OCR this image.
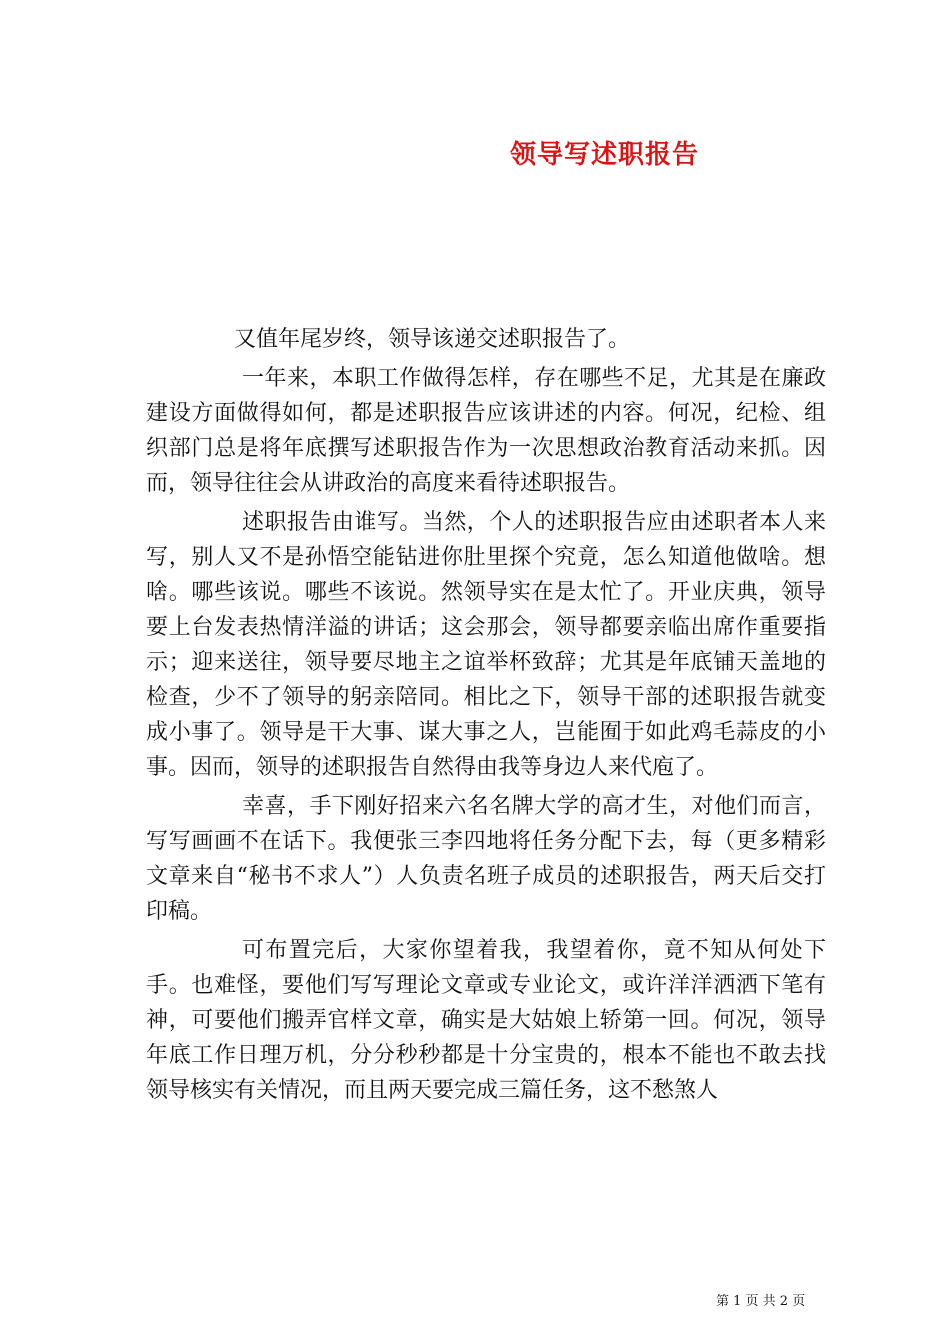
领导写述职报告

又值年尾岁终，领导该递交述职报告了。

一年来，本职工作做得怎样，存在哪些不足，尤其是在廉政建设方面做得如何，都是述职报告应该讲述的内容。何况，纪检、组织部门总是将年底撰写述职报告作为一次思想政治教育活动来抓。因而，领导往往会从讲政治的高度来看待述职报告。

述职报告由谁写。当然，个人的述职报告应由述职者本人来写，别人又不是孙悟空能钻进你肚里探个究竟，怎么知道他做啥。想啥。哪些该说。哪些不该说。然领导实在是太忙了。开业庆典，领导要上台发表热情洋溢的讲话；这会那会，领导都要亲临出席作重要指示；迎来送往，领导要尽地主之谊举杯致辞；尤其是年底铺天盖地的检查，少不了领导的躬亲陪同。相比之下，领导干部的述职报告就变成小事了。领导是干大事、谋大事之人，岂能囿于如此鸡毛蒜皮的小事。因而，领导的述职报告自然得由我等身边人来代庖了。

幸喜，手下刚好招来六名名牌大学的高才生，对他们而言，写写画画不在话下。我便张三李四地将任务分配下去，每（更多精彩文章来自“秘书不求人”）人负责名班子成员的述职报告，两天后交打印稿。

可布置完后，大家你望着我，我望着你，竟不知从何处下手。也难怪，要他们写写理论文章或专业论文，或许洋洋洒洒下笔有神，可要他们搬弄官样文章，确实是大姑娘上轿第一回。何况，领导年底工作日理万机，分分秒秒都是十分宝贵的，根本不能也不敢去找领导核实有关情况，而且两天要完成三篇任务，这不愁煞人

第 1 页 共 2 页
